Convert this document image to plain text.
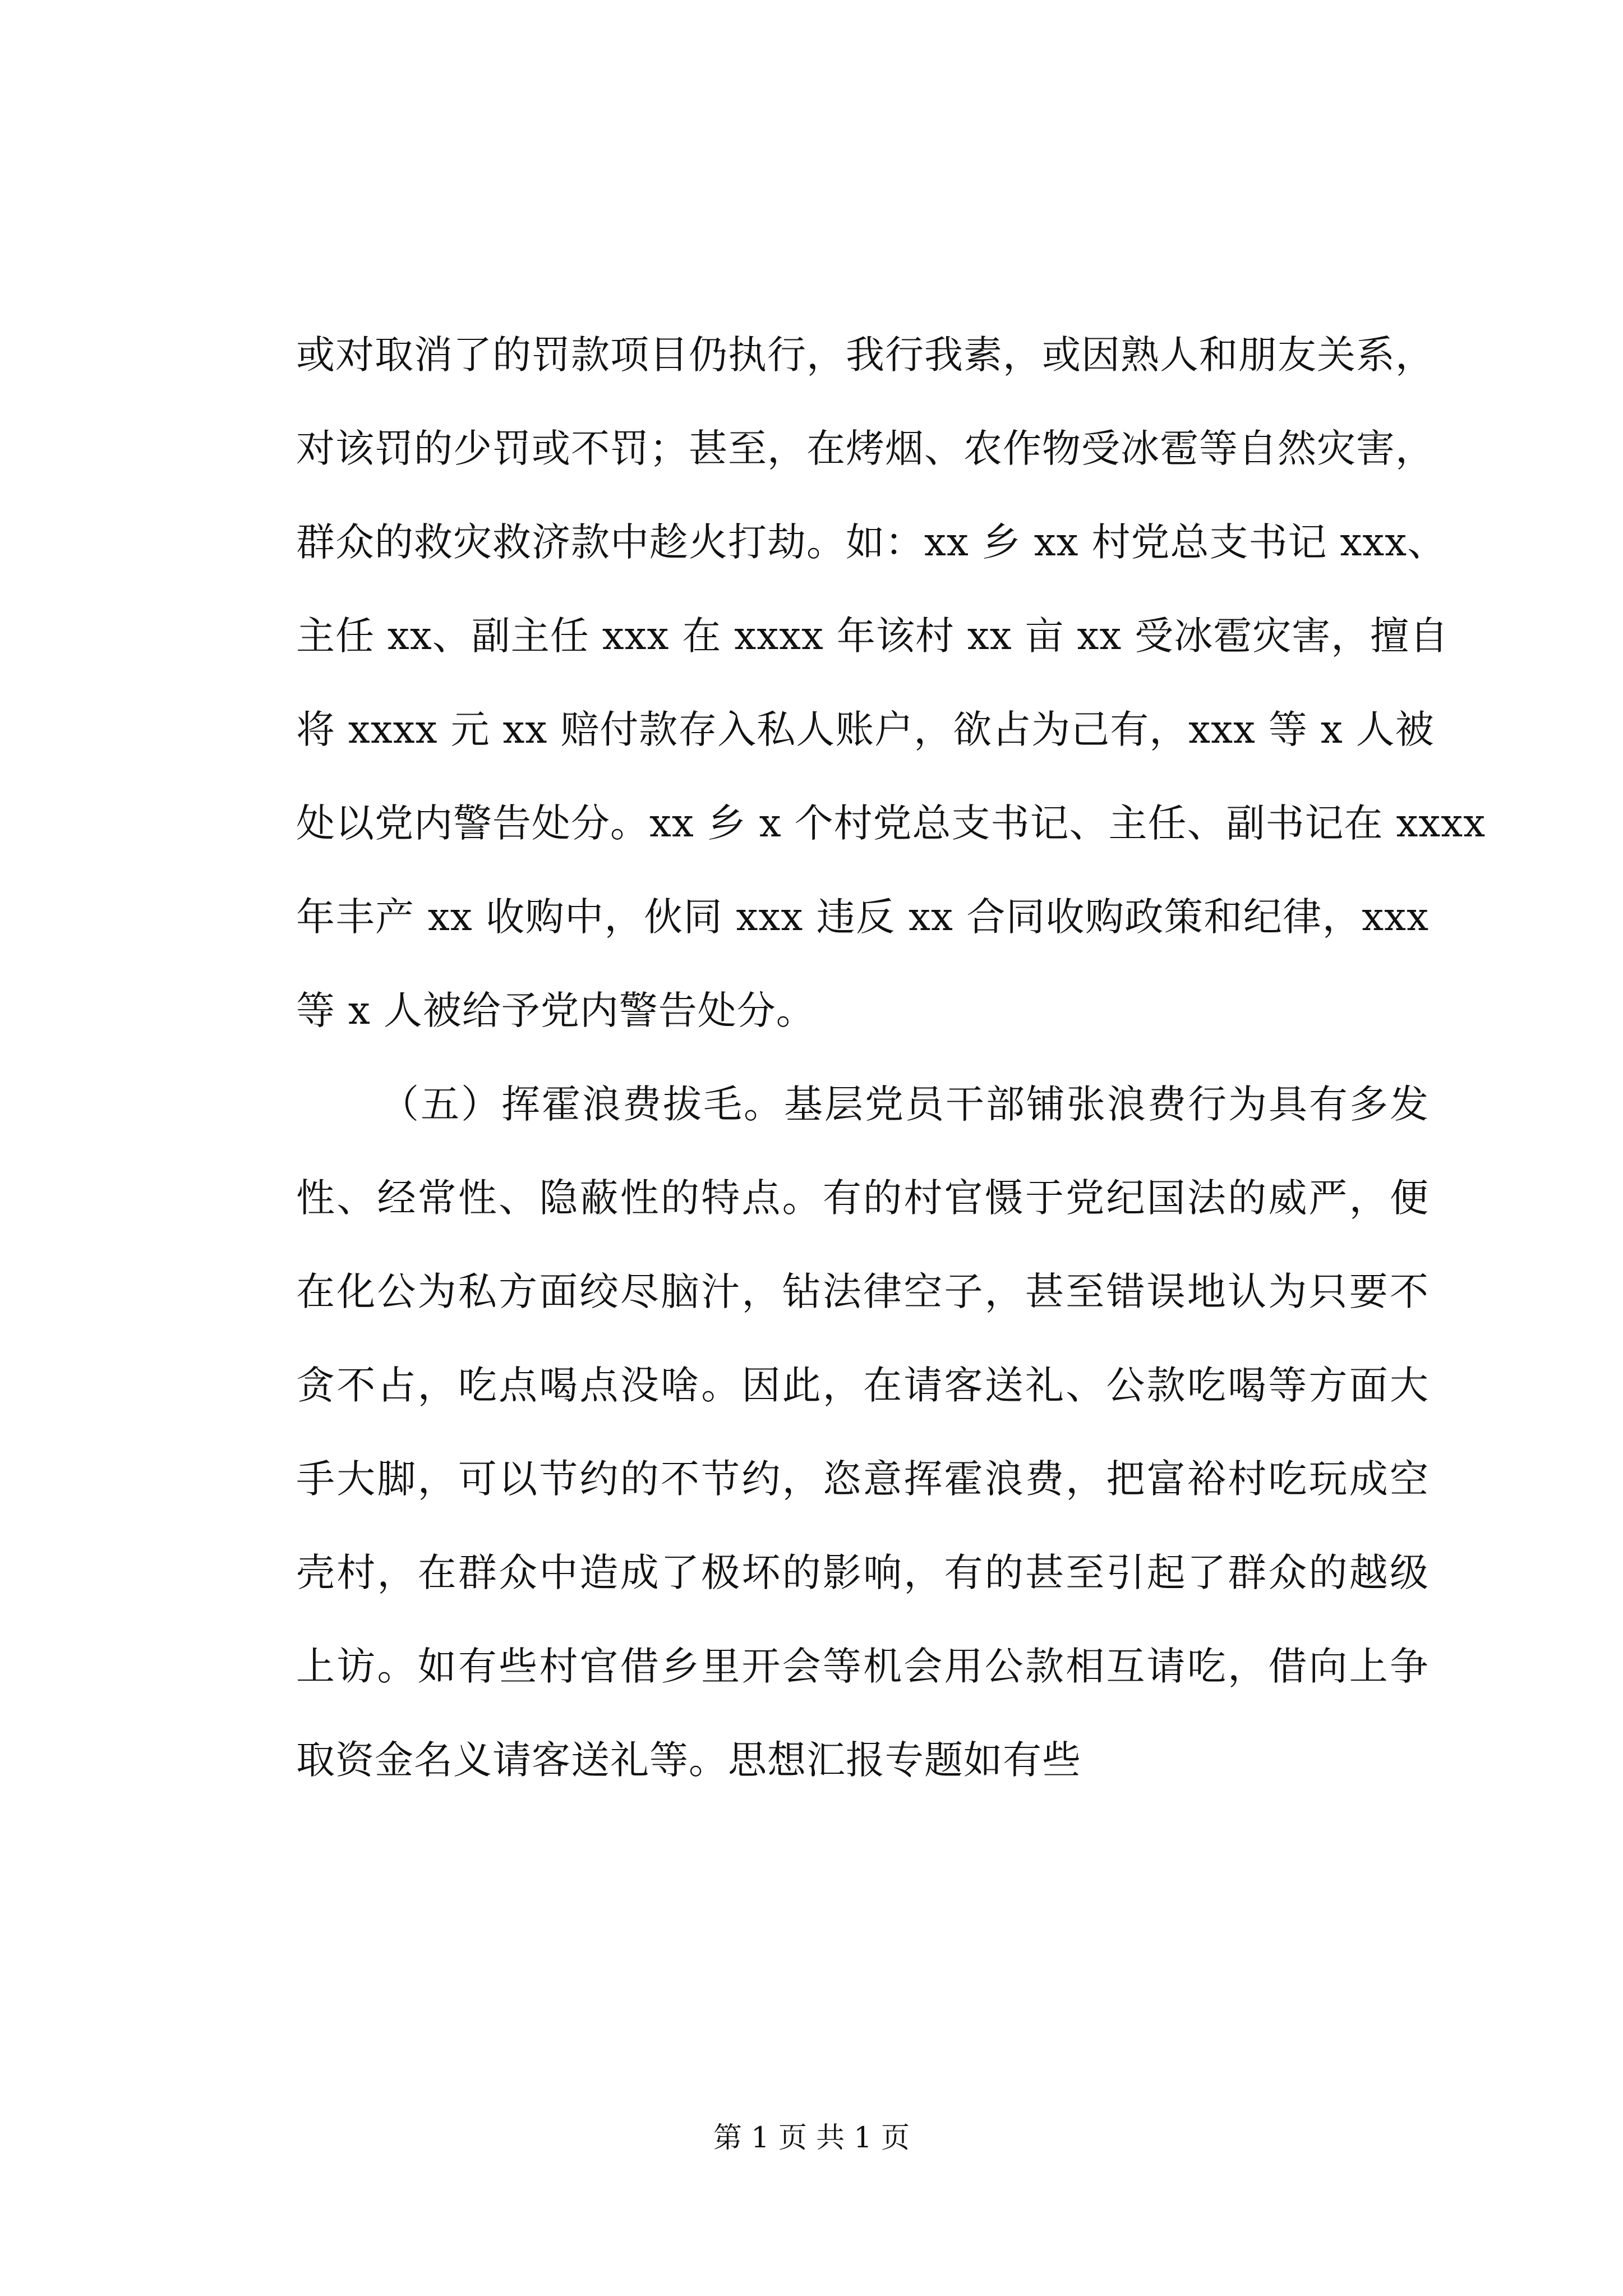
或对取消了的罚款项目仍执行，我行我素，或因熟人和朋友关系，
对该罚的少罚或不罚；甚至，在烤烟、农作物受冰雹等自然灾害，
群众的救灾救济款中趁火打劫。如：xx 乡 xx 村党总支书记 xxx、
主任 xx、副主任 xxx 在 xxxx 年该村 xx 亩 xx 受冰雹灾害，擅自
将 xxxx 元 xx 赔付款存入私人账户，欲占为己有，xxx 等 x 人被
处以党内警告处分。xx 乡 x 个村党总支书记、主任、副书记在 xxxx
年丰产 xx 收购中，伙同 xxx 违反 xx 合同收购政策和纪律，xxx
等 x 人被给予党内警告处分。
（五）挥霍浪费拔毛。基层党员干部铺张浪费行为具有多发
性、经常性、隐蔽性的特点。有的村官慑于党纪国法的威严，便
在化公为私方面绞尽脑汁，钻法律空子，甚至错误地认为只要不
贪不占，吃点喝点没啥。因此，在请客送礼、公款吃喝等方面大
手大脚，可以节约的不节约，恣意挥霍浪费，把富裕村吃玩成空
壳村，在群众中造成了极坏的影响，有的甚至引起了群众的越级
上访。如有些村官借乡里开会等机会用公款相互请吃，借向上争
取资金名义请客送礼等。思想汇报专题如有些
第 1 页 共 1 页
